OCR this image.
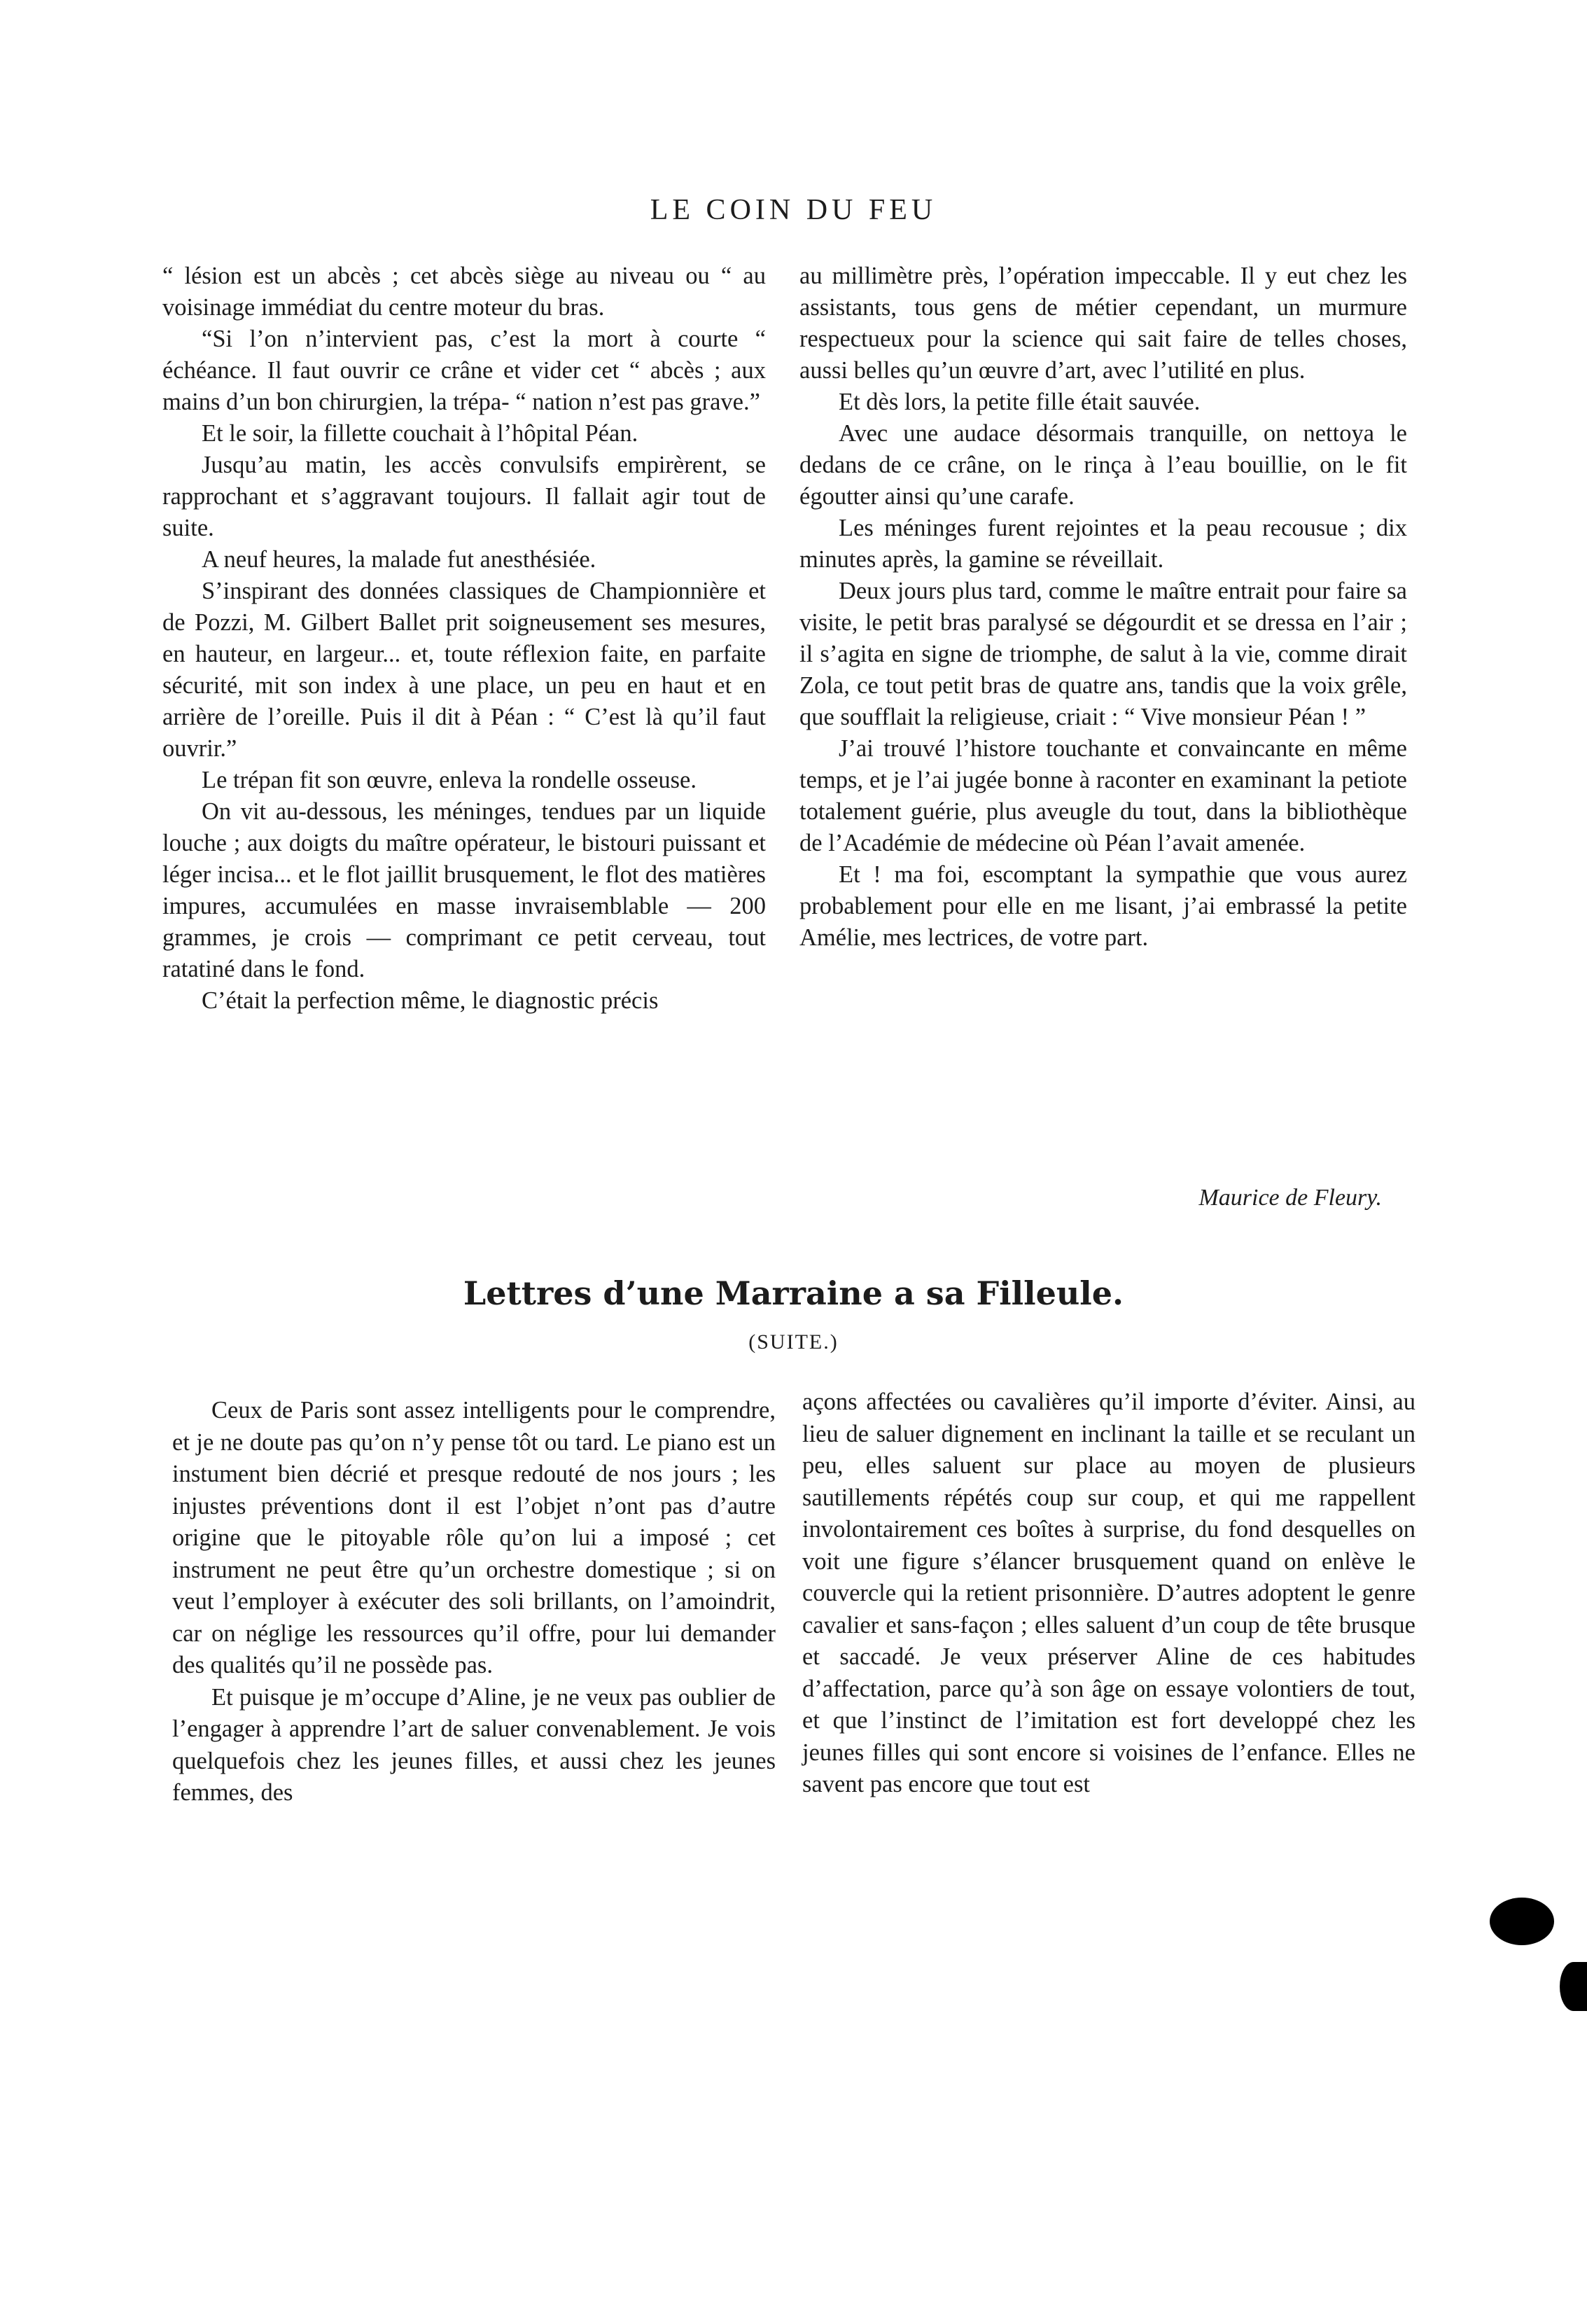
LE COIN DU FEU

“ lésion est un abcès ; cet abcès siège au niveau ou “ au voisinage immédiat du centre moteur du bras.

“Si l’on n’intervient pas, c’est la mort à courte “ échéance. Il faut ouvrir ce crâne et vider cet “ abcès ; aux mains d’un bon chirurgien, la trépa- “ nation n’est pas grave.”

Et le soir, la fillette couchait à l’hôpital Péan.

Jusqu’au matin, les accès convulsifs empirèrent, se rapprochant et s’aggravant toujours. Il fallait agir tout de suite.

A neuf heures, la malade fut anesthésiée.

S’inspirant des données classiques de Championnière et de Pozzi, M. Gilbert Ballet prit soigneusement ses mesures, en hauteur, en largeur... et, toute réflexion faite, en parfaite sécurité, mit son index à une place, un peu en haut et en arrière de l’oreille. Puis il dit à Péan : “ C’est là qu’il faut ouvrir.”

Le trépan fit son œuvre, enleva la rondelle osseuse.

On vit au-dessous, les méninges, tendues par un liquide louche ; aux doigts du maître opérateur, le bistouri puissant et léger incisa... et le flot jaillit brusquement, le flot des matières impures, accumulées en masse invraisemblable — 200 grammes, je crois — comprimant ce petit cerveau, tout ratatiné dans le fond.

C’était la perfection même, le diagnostic précis

au millimètre près, l’opération impeccable. Il y eut chez les assistants, tous gens de métier cependant, un murmure respectueux pour la science qui sait faire de telles choses, aussi belles qu’un œuvre d’art, avec l’utilité en plus.

Et dès lors, la petite fille était sauvée.

Avec une audace désormais tranquille, on nettoya le dedans de ce crâne, on le rinça à l’eau bouillie, on le fit égoutter ainsi qu’une carafe.

Les méninges furent rejointes et la peau recousue ; dix minutes après, la gamine se réveillait.

Deux jours plus tard, comme le maître entrait pour faire sa visite, le petit bras paralysé se dégourdit et se dressa en l’air ; il s’agita en signe de triomphe, de salut à la vie, comme dirait Zola, ce tout petit bras de quatre ans, tandis que la voix grêle, que soufflait la religieuse, criait : “ Vive monsieur Péan ! ”

J’ai trouvé l’histore touchante et convaincante en même temps, et je l’ai jugée bonne à raconter en examinant la petiote totalement guérie, plus aveugle du tout, dans la bibliothèque de l’Académie de médecine où Péan l’avait amenée.

Et ! ma foi, escomptant la sympathie que vous aurez probablement pour elle en me lisant, j’ai embrassé la petite Amélie, mes lectrices, de votre part.

Maurice de Fleury.
Lettres d’une Marraine a sa Filleule.
(SUITE.)

Ceux de Paris sont assez intelligents pour le comprendre, et je ne doute pas qu’on n’y pense tôt ou tard. Le piano est un instument bien décrié et presque redouté de nos jours ; les injustes préventions dont il est l’objet n’ont pas d’autre origine que le pitoyable rôle qu’on lui a imposé ; cet instrument ne peut être qu’un orchestre domestique ; si on veut l’employer à exécuter des soli brillants, on l’amoindrit, car on néglige les ressources qu’il offre, pour lui demander des qualités qu’il ne possède pas.

Et puisque je m’occupe d’Aline, je ne veux pas oublier de l’engager à apprendre l’art de saluer convenablement. Je vois quelquefois chez les jeunes filles, et aussi chez les jeunes femmes, des

açons affectées ou cavalières qu’il importe d’éviter. Ainsi, au lieu de saluer dignement en inclinant la taille et se reculant un peu, elles saluent sur place au moyen de plusieurs sautillements répétés coup sur coup, et qui me rappellent involontairement ces boîtes à surprise, du fond desquelles on voit une figure s’élancer brusquement quand on enlève le couvercle qui la retient prisonnière. D’autres adoptent le genre cavalier et sans-façon ; elles saluent d’un coup de tête brusque et saccadé. Je veux préserver Aline de ces habitudes d’affectation, parce qu’à son âge on essaye volontiers de tout, et que l’instinct de l’imitation est fort developpé chez les jeunes filles qui sont encore si voisines de l’enfance. Elles ne savent pas encore que tout est
